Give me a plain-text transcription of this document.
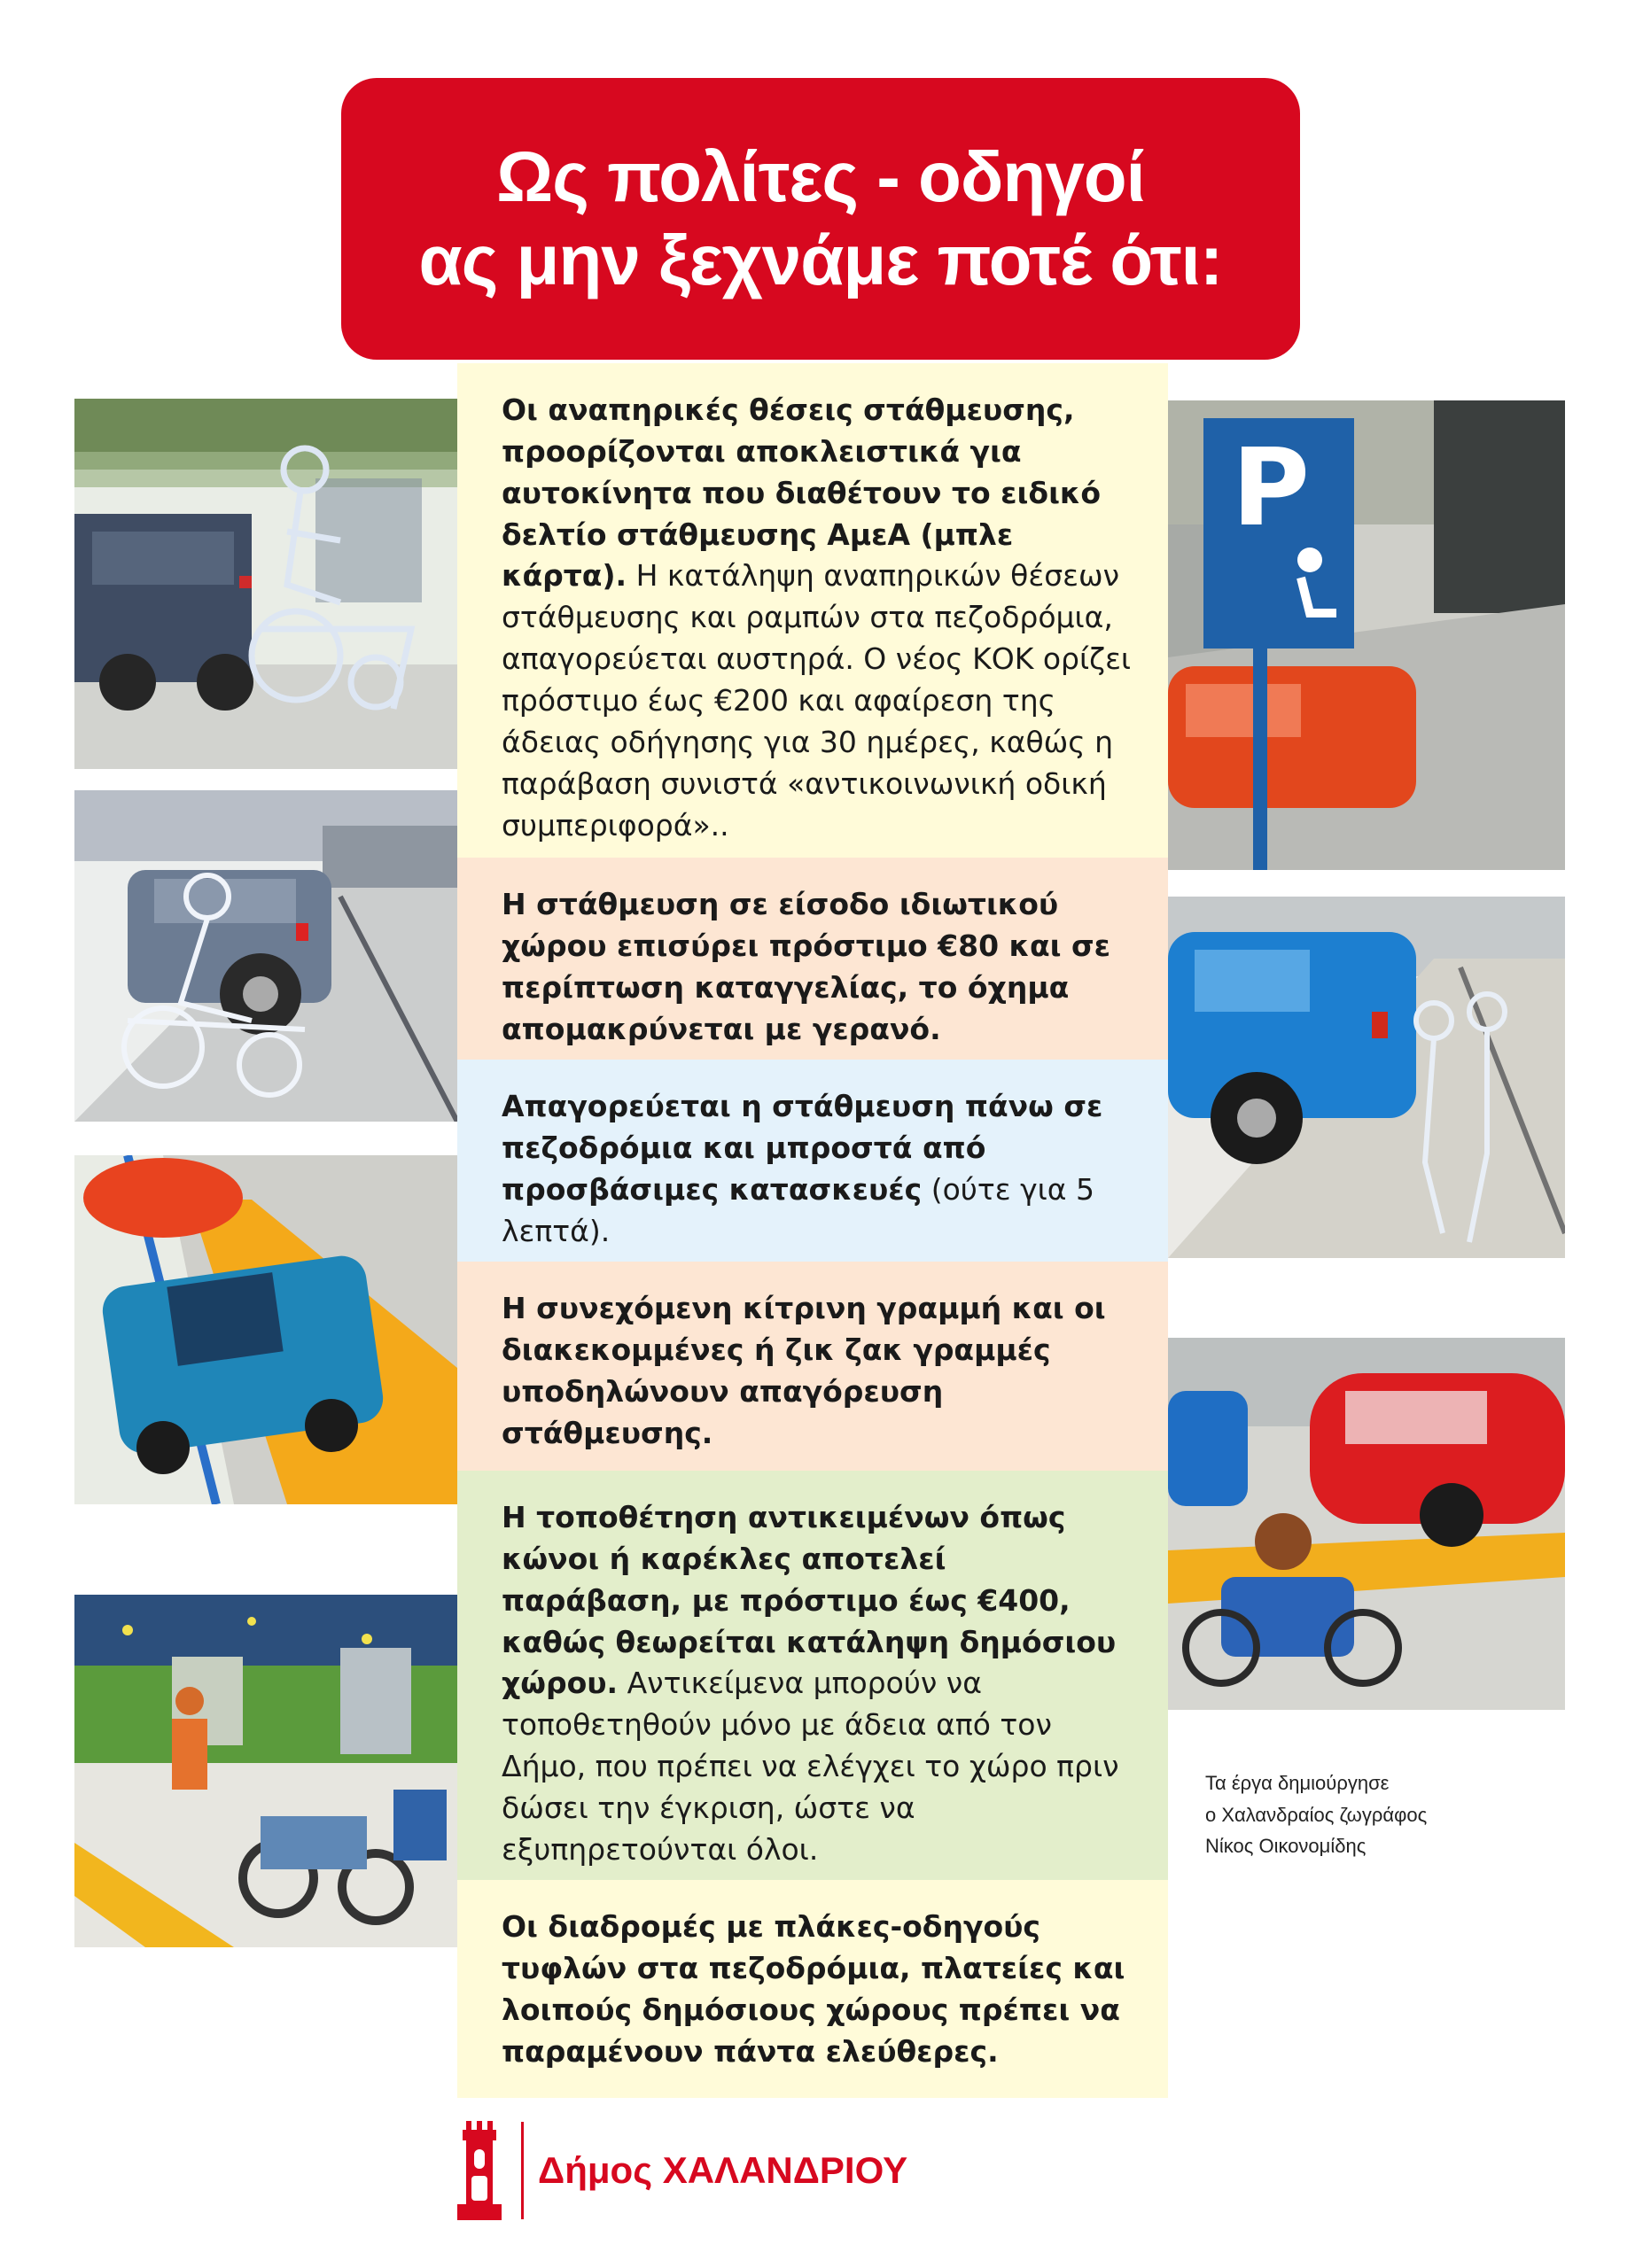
Ως πολίτες - οδηγοί
ας μην ξεχνάμε ποτέ ότι:

Οι αναπηρικές θέσεις στάθμευσης, προορίζονται αποκλειστικά για αυτοκίνητα που διαθέτουν το ειδικό δελτίο στάθμευσης ΑμεΑ (μπλε κάρτα). Η κατάληψη αναπηρικών θέσεων στάθμευσης και ραμπών στα πεζοδρόμια, απαγορεύεται αυστηρά. Ο νέος ΚΟΚ ορίζει πρόστιμο έως €200 και αφαίρεση της άδειας οδήγησης για 30 ημέρες, καθώς η παράβαση συνιστά «αντικοινωνική οδική συμπεριφορά»..

Η στάθμευση σε είσοδο ιδιωτικού χώρου επισύρει πρόστιμο €80 και σε περίπτωση καταγγελίας, το όχημα απομακρύνεται με γερανό.

Απαγορεύεται η στάθμευση πάνω σε πεζοδρόμια και μπροστά από προσβάσιμες κατασκευές (ούτε για 5 λεπτά).

Η συνεχόμενη κίτρινη γραμμή και οι διακεκομμένες ή ζικ ζακ γραμμές υποδηλώνουν απαγόρευση στάθμευσης.

Η τοποθέτηση αντικειμένων όπως κώνοι ή καρέκλες αποτελεί παράβαση, με πρόστιμο έως €400, καθώς θεωρείται κατάληψη δημόσιου χώρου. Αντικείμενα μπορούν να τοποθετηθούν μόνο με άδεια από τον Δήμο, που πρέπει να ελέγχει το χώρο πριν δώσει την έγκριση, ώστε να εξυπηρετούνται όλοι.

Οι διαδρομές με πλάκες-οδηγούς τυφλών στα πεζοδρόμια, πλατείες και λοιπούς δημόσιους χώρους πρέπει να παραμένουν πάντα ελεύθερες.

P
Τα έργα δημιούργησε
ο Χαλανδραίος ζωγράφος
Νίκος Οικονομίδης
Δήμος ΧΑΛΑΝΔΡΙΟΥ
